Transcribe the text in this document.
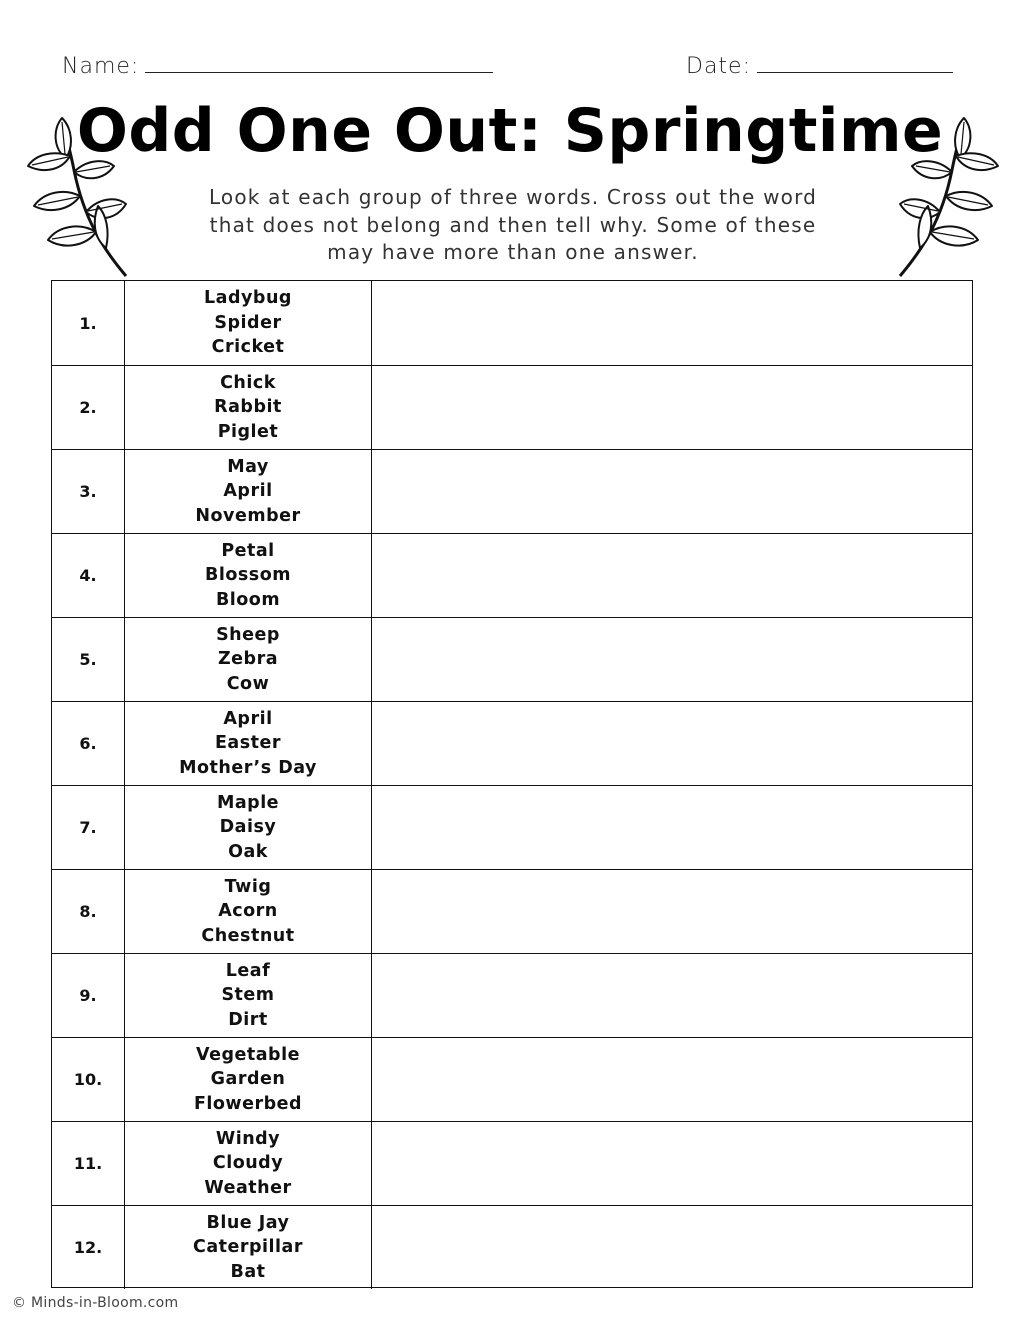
Name:	Date:
Odd One Out: Springtime
Look at each group of three words. Cross out the word that does not belong and then tell why. Some of these may have more than one answer.
1.
Ladybug
Spider
Cricket
2.
Chick
Rabbit
Piglet
3.
May
April
November
4.
Petal
Blossom
Bloom
5.
Sheep
Zebra
Cow
6.
April
Easter
Mother’s Day
7.
Maple
Daisy
Oak
8.
Twig
Acorn
Chestnut
9.
Leaf
Stem
Dirt
10.
Vegetable
Garden
Flowerbed
11.
Windy
Cloudy
Weather
12.
Blue Jay
Caterpillar
Bat
© Minds-in-Bloom.com
